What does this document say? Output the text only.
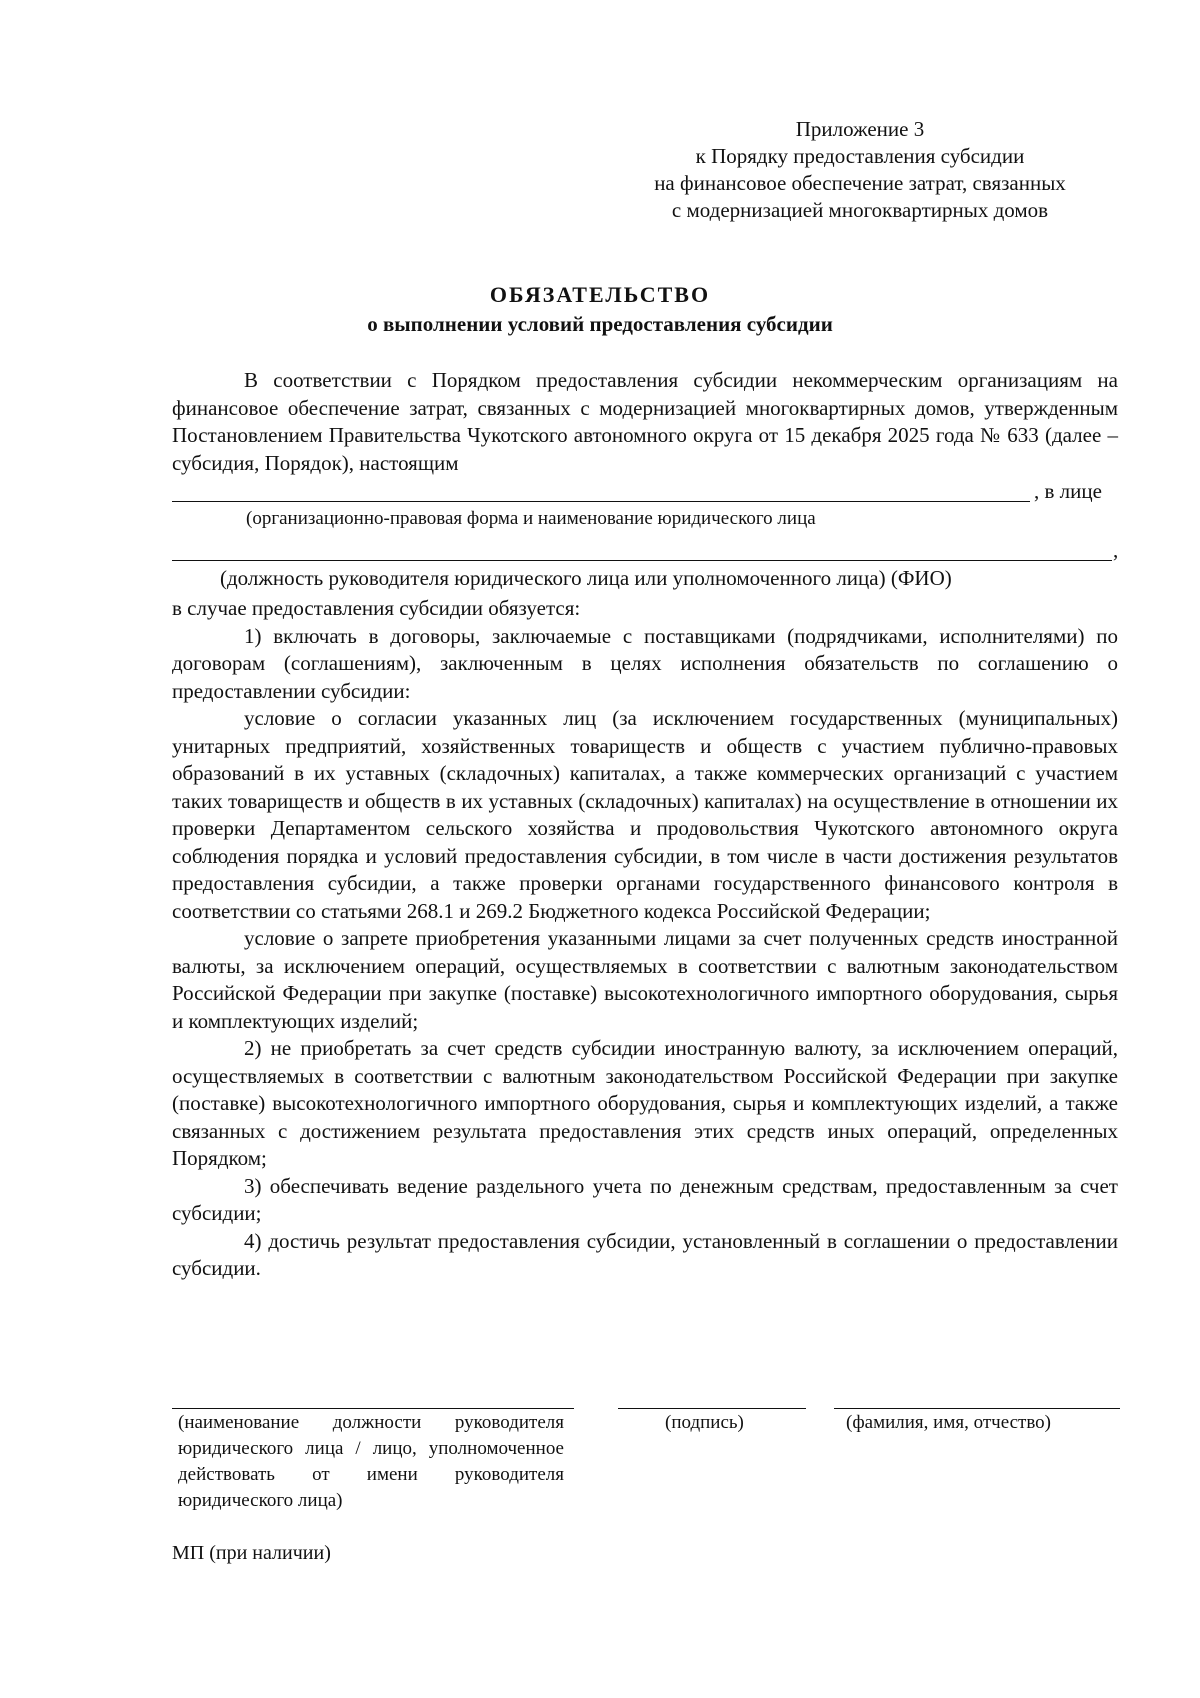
Приложение 3
к Порядку предоставления субсидии
на финансовое обеспечение затрат, связанных
с модернизацией многоквартирных домов
ОБЯЗАТЕЛЬСТВО
о выполнении условий предоставления субсидии

В соответствии с Порядком предоставления субсидии некоммерческим организациям на финансовое обеспечение затрат, связанных с модернизацией многоквартирных домов, утвержденным Постановлением Правительства Чукотского автономного округа от 15 декабря 2025 года № 633 (далее – субсидия, Порядок), настоящим

, в лице
(организационно-правовая форма и наименование юридического лица
,
(должность руководителя юридического лица или уполномоченного лица) (ФИО)

в случае предоставления субсидии обязуется:

1) включать в договоры, заключаемые с поставщиками (подрядчиками, исполнителями) по договорам (соглашениям), заключенным в целях исполнения обязательств по соглашению о предоставлении субсидии:

условие о согласии указанных лиц (за исключением государственных (муниципальных) унитарных предприятий, хозяйственных товариществ и обществ с участием публично-правовых образований в их уставных (складочных) капиталах, а также коммерческих организаций с участием таких товариществ и обществ в их уставных (складочных) капиталах) на осуществление в отношении их проверки Департаментом сельского хозяйства и продовольствия Чукотского автономного округа соблюдения порядка и условий предоставления субсидии, в том числе в части достижения результатов предоставления субсидии, а также проверки органами государственного финансового контроля в соответствии со статьями 268.1 и 269.2 Бюджетного кодекса Российской Федерации;

условие о запрете приобретения указанными лицами за счет полученных средств иностранной валюты, за исключением операций, осуществляемых в соответствии с валютным законодательством Российской Федерации при закупке (поставке) высокотехнологичного импортного оборудования, сырья и комплектующих изделий;

2) не приобретать за счет средств субсидии иностранную валюту, за исключением операций, осуществляемых в соответствии с валютным законодательством Российской Федерации при закупке (поставке) высокотехнологичного импортного оборудования, сырья и комплектующих изделий, а также связанных с достижением результата предоставления этих средств иных операций, определенных Порядком;

3) обеспечивать ведение раздельного учета по денежным средствам, предоставленным за счет субсидии;

4) достичь результат предоставления субсидии, установленный в соглашении о предоставлении субсидии.

(наименование должности руководителя юридического лица / лицо, уполномоченное действовать от имени руководителя юридического лица)
(подпись)	(фамилия, имя, отчество)
МП (при наличии)
